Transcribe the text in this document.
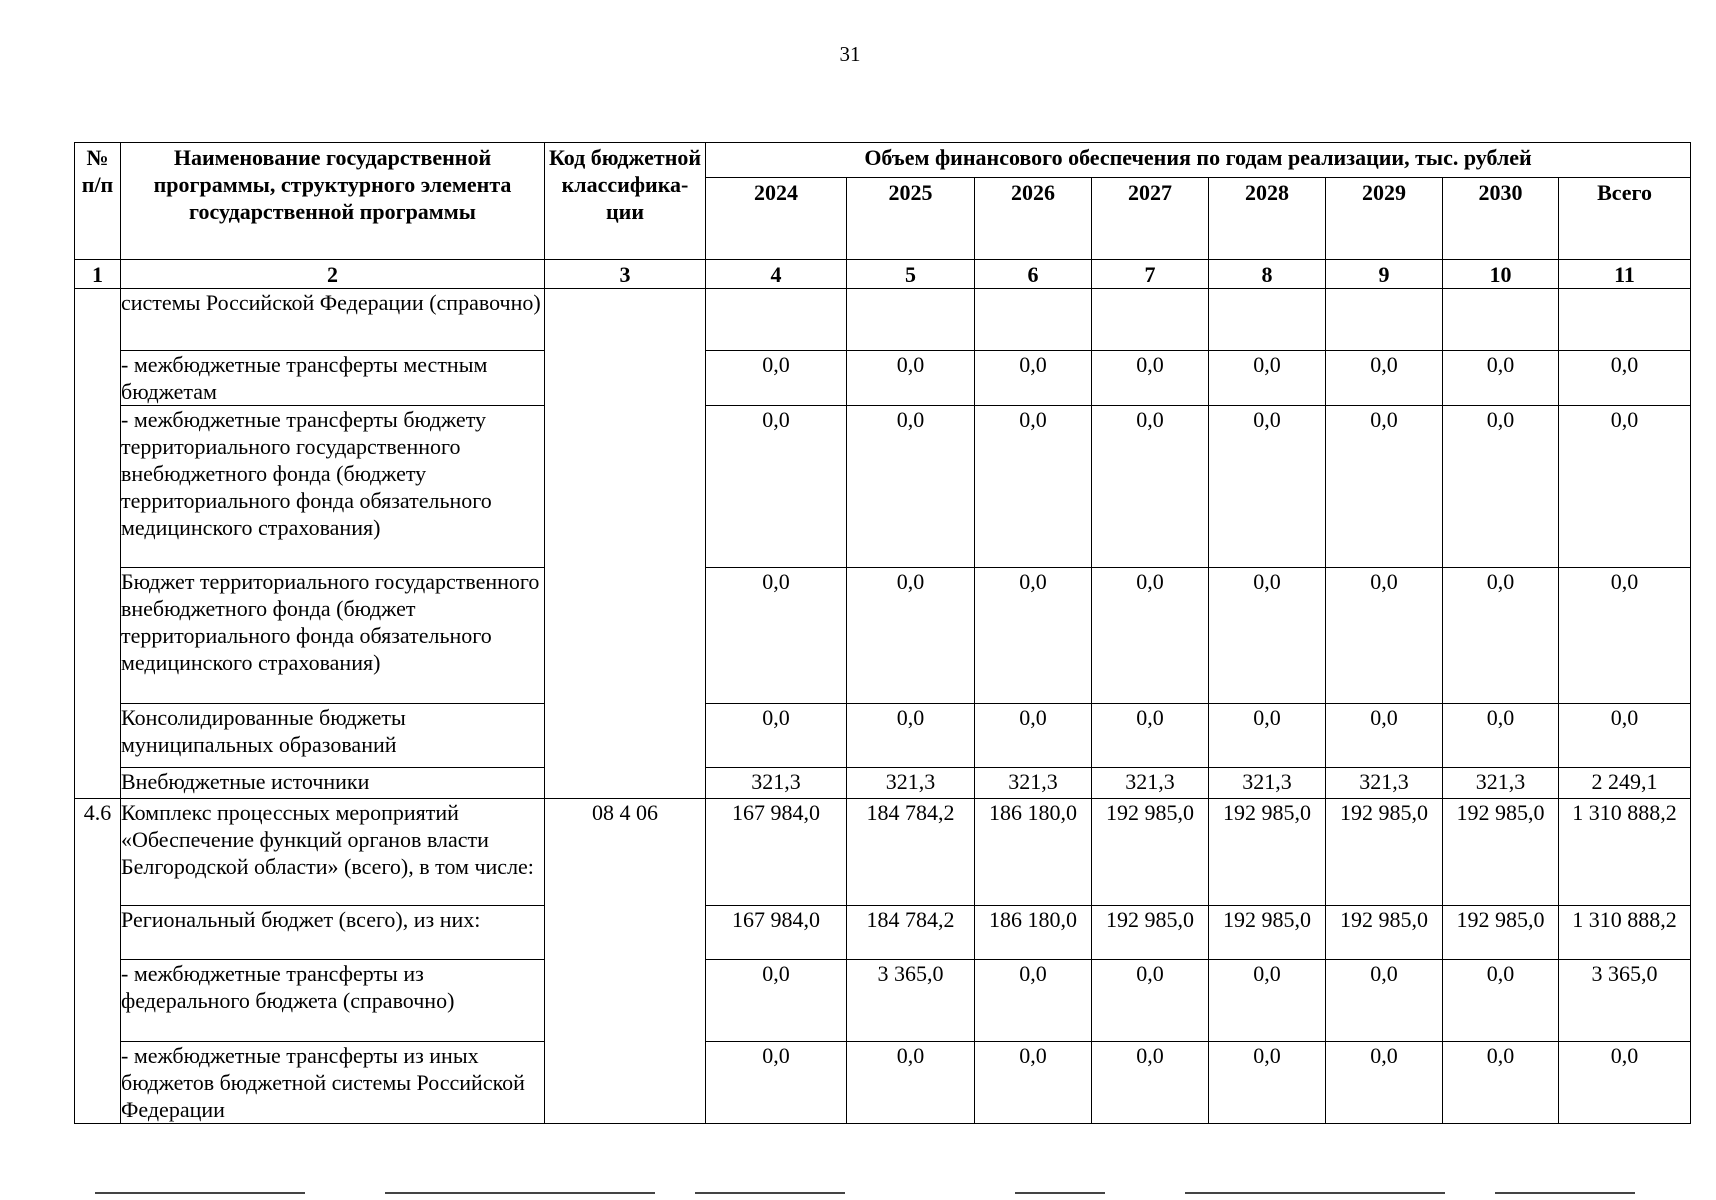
31
№ п/п	Наименование государственной программы, структурного элемента государственной программы	Код бюджетной классифика-ции	Объем финансового обеспечения по годам реализации, тыс. рублей							
			2024	2025	2026	2027	2028	2029	2030	Всего
1	2	3	4	5	6	7	8	9	10	11
	системы Российской Федерации (справочно)									
	- межбюджетные трансферты местным бюджетам		0,0	0,0	0,0	0,0	0,0	0,0	0,0	0,0
	- межбюджетные трансферты бюджету территориального государственного внебюджетного фонда (бюджету территориального фонда обязательного медицинского страхования)		0,0	0,0	0,0	0,0	0,0	0,0	0,0	0,0
	Бюджет территориального государственного внебюджетного фонда (бюджет территориального фонда обязательного медицинского страхования)		0,0	0,0	0,0	0,0	0,0	0,0	0,0	0,0
	Консолидированные бюджеты муниципальных образований		0,0	0,0	0,0	0,0	0,0	0,0	0,0	0,0
	Внебюджетные источники		321,3	321,3	321,3	321,3	321,3	321,3	321,3	2 249,1
4.6	Комплекс процессных мероприятий «Обеспечение функций органов власти Белгородской области» (всего), в том числе:	08 4 06	167 984,0	184 784,2	186 180,0	192 985,0	192 985,0	192 985,0	192 985,0	1 310 888,2
	Региональный бюджет (всего), из них:		167 984,0	184 784,2	186 180,0	192 985,0	192 985,0	192 985,0	192 985,0	1 310 888,2
	- межбюджетные трансферты из федерального бюджета (справочно)		0,0	3 365,0	0,0	0,0	0,0	0,0	0,0	3 365,0
	- межбюджетные трансферты из иных бюджетов бюджетной системы Российской Федерации		0,0	0,0	0,0	0,0	0,0	0,0	0,0	0,0
